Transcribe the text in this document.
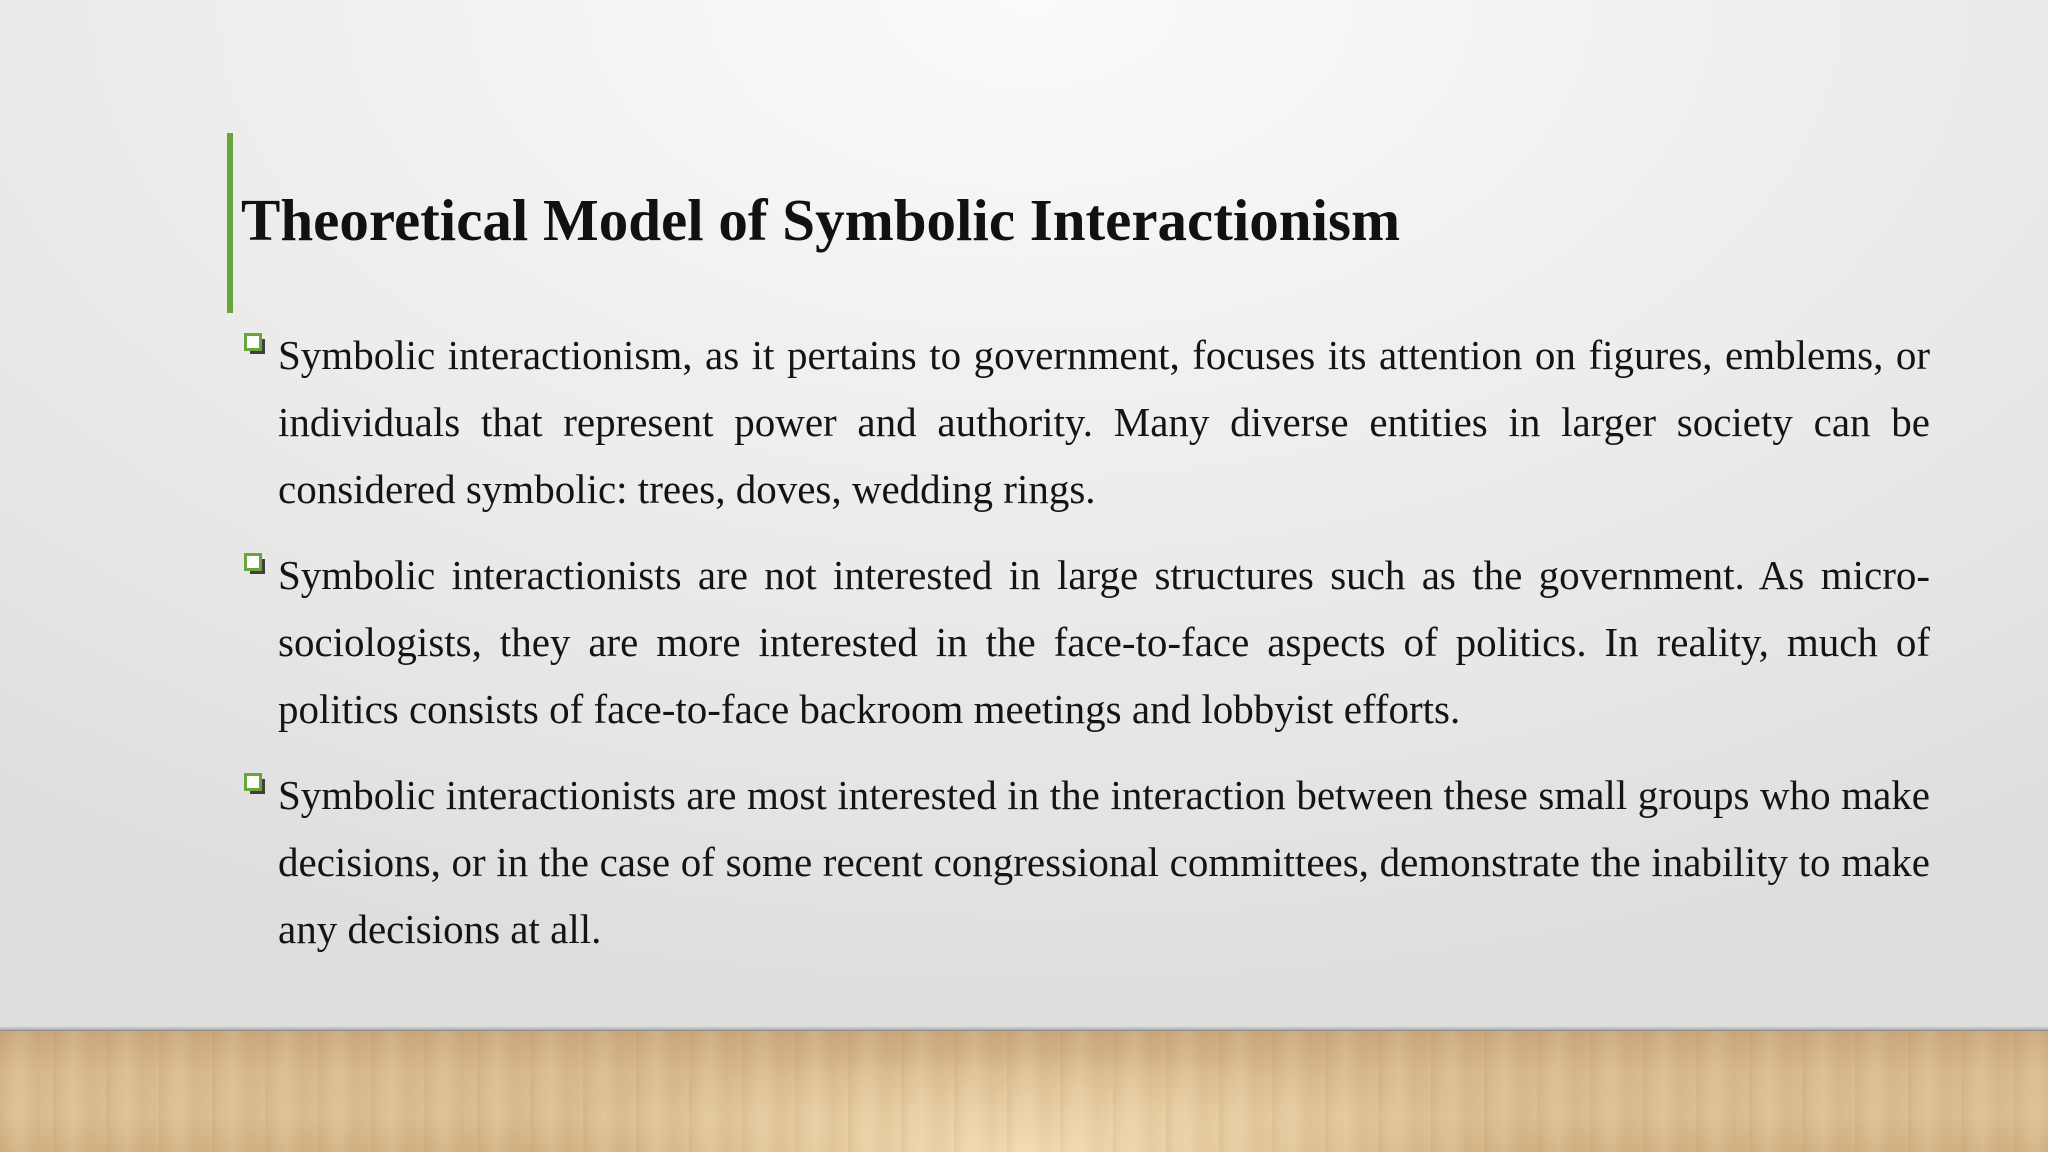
Theoretical Model of Symbolic Interactionism
Symbolic interactionism, as it pertains to government, focuses its attention on figures, emblems, or individuals that represent power and authority. Many diverse entities in larger society can be considered symbolic: trees, doves, wedding rings.
Symbolic interactionists are not interested in large structures such as the government. As micro-sociologists, they are more interested in the face-to-face aspects of politics. In reality, much of politics consists of face-to-face backroom meetings and lobbyist efforts.
Symbolic interactionists are most interested in the interaction between these small groups who make decisions, or in the case of some recent congressional committees, demonstrate the inability to make any decisions at all.
